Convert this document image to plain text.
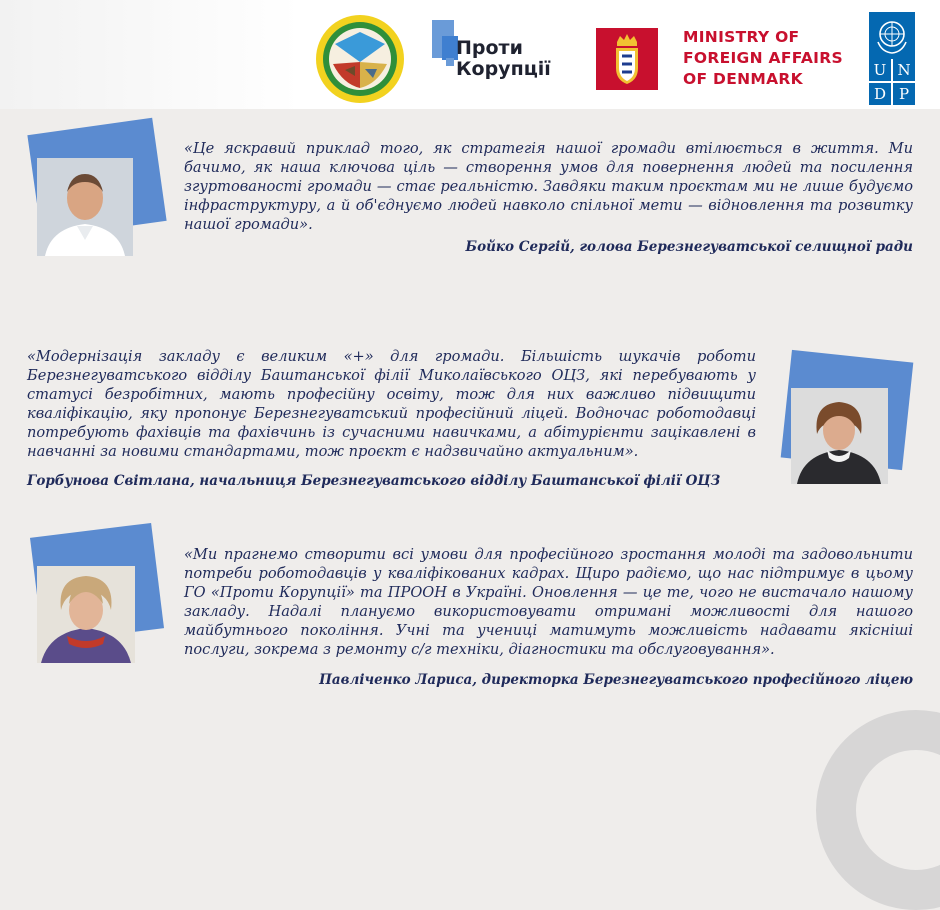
Проти
Корупції
MINISTRY OF
FOREIGN AFFAIRS
OF DENMARK	U N
D P

«Це яскравий приклад того, як стратегія нашої громади втілюється в життя. Ми бачимо, як наша ключова ціль — створення умов для повернення людей та посилення згуртованості громади — стає реальністю. Завдяки таким проєктам ми не лише будуємо інфраструктуру, а й об'єднуємо людей навколо спільної мети — відновлення та розвитку нашої громади».

Бойко Сергій, голова Березнегуватської селищної ради

«Модернізація закладу є великим «+» для громади. Більшість шукачів роботи Березнегуватського відділу Баштанської філії Миколаївського ОЦЗ, які перебувають у статусі безробітних, мають професійну освіту, тож для них важливо підвищити кваліфікацію, яку пропонує Березнегуватський професійний ліцей. Водночас роботодавці потребують фахівців та фахівчинь із сучасними навичками, а абітурієнти зацікавлені в навчанні за новими стандартами, тож проєкт є надзвичайно актуальним».

Горбунова Світлана, начальниця Березнегуватського відділу Баштанської філії ОЦЗ

«Ми прагнемо створити всі умови для професійного зростання молоді та задовольнити потреби роботодавців у кваліфікованих кадрах. Щиро радіємо, що нас підтримує в цьому ГО «Проти Корупції» та ПРООН в Україні. Оновлення — це те, чого не вистачало нашому закладу. Надалі плануємо використовувати отримані можливості для нашого майбутнього покоління. Учні та учениці матимуть можливість надавати якісніші послуги, зокрема з ремонту с/г техніки, діагностики та обслуговування».

Павліченко Лариса, директорка Березнегуватського професійного ліцею
